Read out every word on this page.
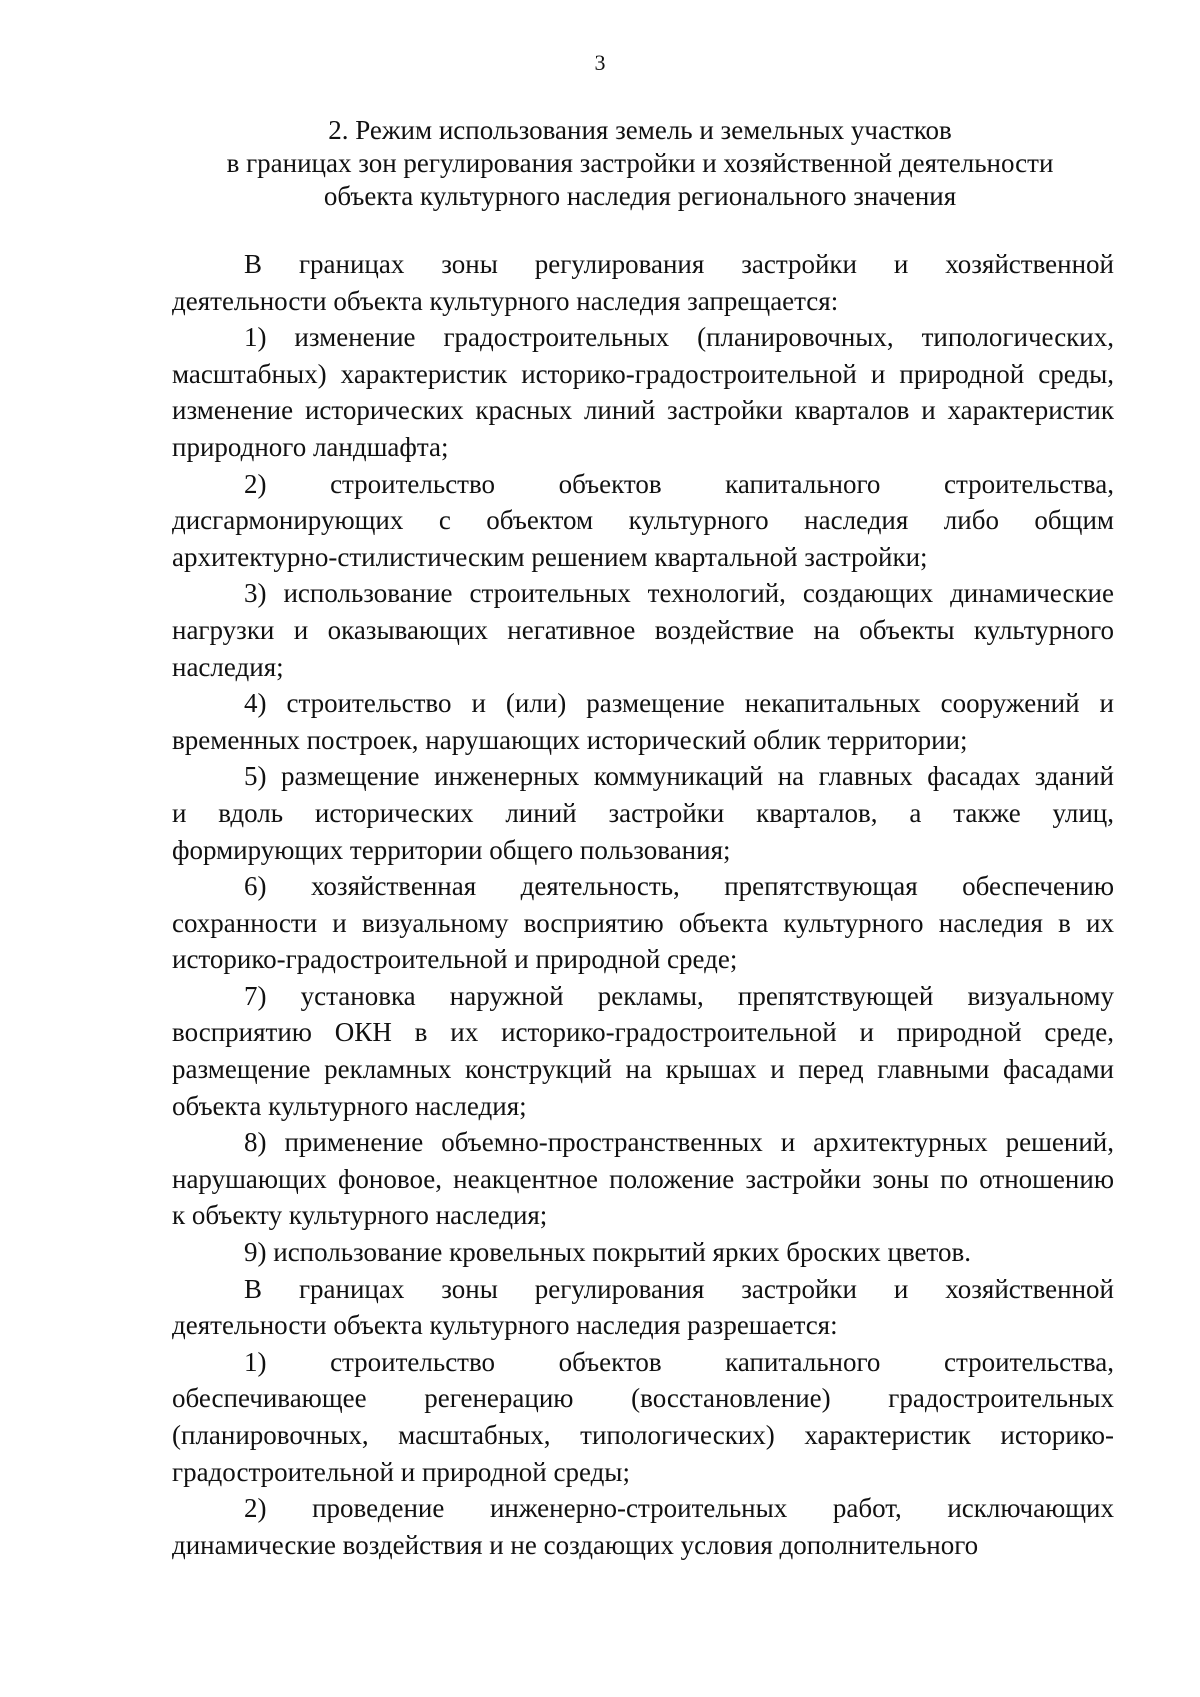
3
2. Режим использования земель и земельных участков
в границах зон регулирования застройки и хозяйственной деятельности
объекта культурного наследия регионального значения

В границах зоны регулирования застройки и хозяйственной
деятельности объекта культурного наследия запрещается:

1) изменение градостроительных (планировочных, типологических,
масштабных) характеристик историко-градостроительной и природной среды,
изменение исторических красных линий застройки кварталов и характеристик
природного ландшафта;

2) строительство объектов капитального строительства,
дисгармонирующих с объектом культурного наследия либо общим
архитектурно-стилистическим решением квартальной застройки;

3) использование строительных технологий, создающих динамические
нагрузки и оказывающих негативное воздействие на объекты культурного
наследия;

4) строительство и (или) размещение некапитальных сооружений и
временных построек, нарушающих исторический облик территории;

5) размещение инженерных коммуникаций на главных фасадах зданий
и вдоль исторических линий застройки кварталов, а также улиц,
формирующих территории общего пользования;

6) хозяйственная деятельность, препятствующая обеспечению
сохранности и визуальному восприятию объекта культурного наследия в их
историко-градостроительной и природной среде;

7) установка наружной рекламы, препятствующей визуальному
восприятию ОКН в их историко-градостроительной и природной среде,
размещение рекламных конструкций на крышах и перед главными фасадами
объекта культурного наследия;

8) применение объемно-пространственных и архитектурных решений,
нарушающих фоновое, неакцентное положение застройки зоны по отношению
к объекту культурного наследия;

9) использование кровельных покрытий ярких броских цветов.

В границах зоны регулирования застройки и хозяйственной
деятельности объекта культурного наследия разрешается:

1) строительство объектов капитального строительства,
обеспечивающее регенерацию (восстановление) градостроительных
(планировочных, масштабных, типологических) характеристик историко-
градостроительной и природной среды;

2) проведение инженерно-строительных работ, исключающих
динамические воздействия и не создающих условия дополнительного
